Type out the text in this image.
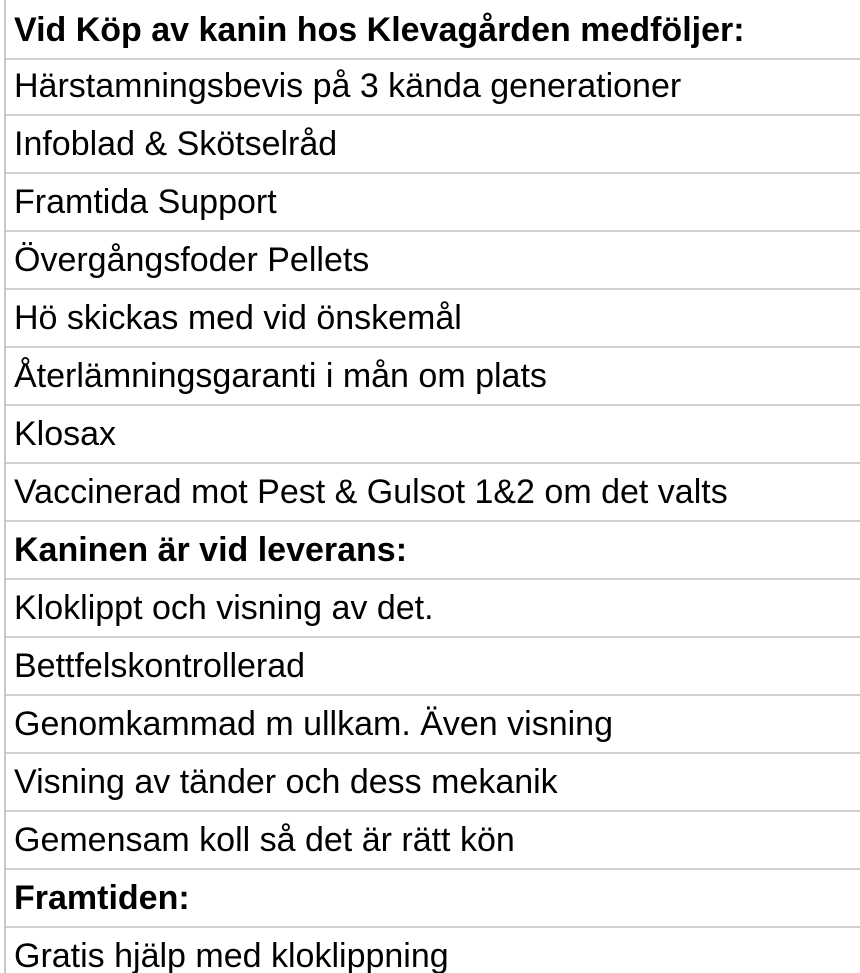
Vid Köp av kanin hos Klevagården medföljer:
Härstamningsbevis på 3 kända generationer
Infoblad & Skötselråd
Framtida Support
Övergångsfoder Pellets
Hö skickas med vid önskemål
Återlämningsgaranti i mån om plats
Klosax
Vaccinerad mot Pest & Gulsot 1&2 om det valts
Kaninen är vid leverans:
Kloklippt och visning av det.
Bettfelskontrollerad
Genomkammad m ullkam. Även visning
Visning av tänder och dess mekanik
Gemensam koll så det är rätt kön
Framtiden:
Gratis hjälp med kloklippning
